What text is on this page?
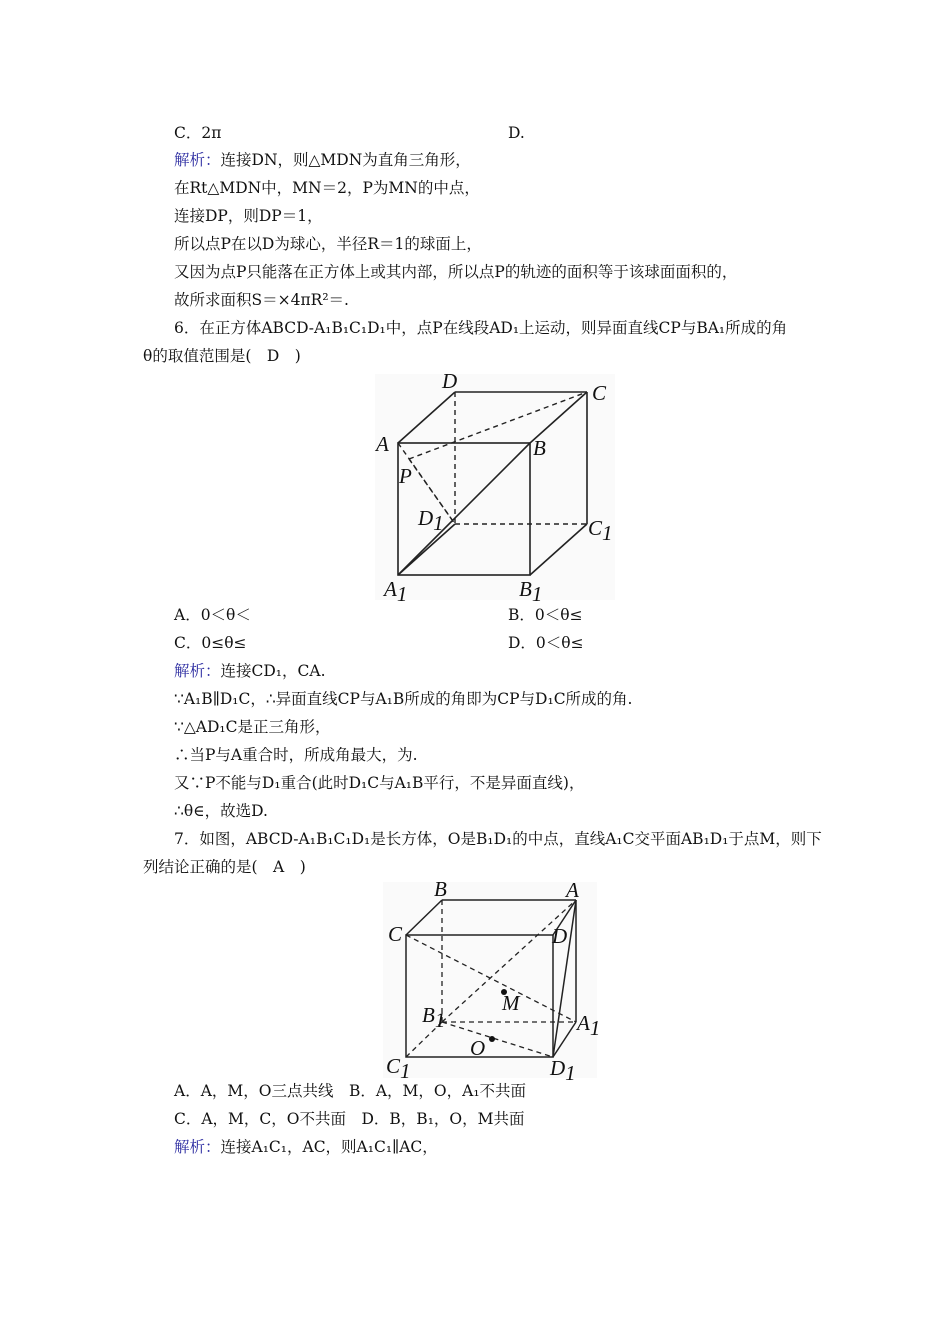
C．2π	D.
解析：连接DN，则△MDN为直角三角形，
在Rt△MDN中，MN＝2，P为MN的中点，
连接DP，则DP＝1，
所以点P在以D为球心，半径R＝1的球面上，
又因为点P只能落在正方体上或其内部，所以点P的轨迹的面积等于该球面面积的，
故所求面积S＝×4πR²＝.
6．在正方体ABCD-A₁B₁C₁D₁中，点P在线段AD₁上运动，则异面直线CP与BA₁所成的角
θ的取值范围是(　D　)
D	C
A	B
P
D1	C1
A1	B1
A．0＜θ＜	B．0＜θ≤
C．0≤θ≤	D．0＜θ≤
解析：连接CD₁，CA.
∵A₁B∥D₁C，∴异面直线CP与A₁B所成的角即为CP与D₁C所成的角.
∵△AD₁C是正三角形，
∴当P与A重合时，所成角最大，为.
又∵P不能与D₁重合(此时D₁C与A₁B平行，不是异面直线)，
∴θ∈，故选D.
7．如图，ABCD-A₁B₁C₁D₁是长方体，O是B₁D₁的中点，直线A₁C交平面AB₁D₁于点M，则下
列结论正确的是(　A　)
B	A
C	D
M
B1	A1
O
C1	D1
A．A，M，O三点共线　B．A，M，O，A₁不共面
C．A，M，C，O不共面　D．B，B₁，O，M共面
解析：连接A₁C₁，AC，则A₁C₁∥AC，
